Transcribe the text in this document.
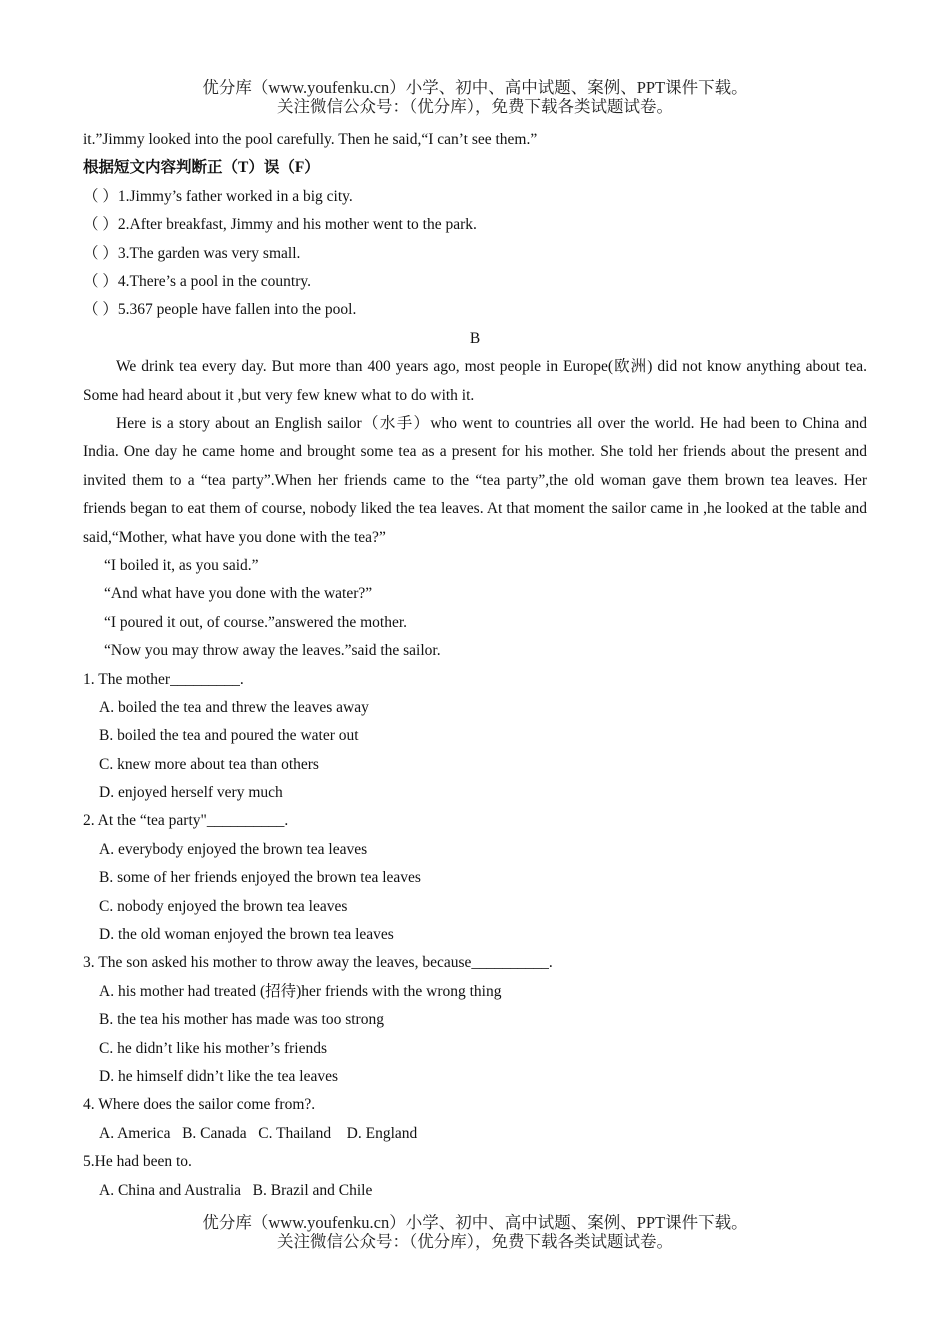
优分库（www.youfenku.cn）小学、初中、高中试题、案例、PPT课件下载。
关注微信公众号：（优分库），免费下载各类试题试卷。
it.”Jimmy looked into the pool carefully. Then he said,“I can’t see them.”
根据短文内容判断正（T）误（F）
（ ）1.Jimmy’s father worked in a big city.
（ ）2.After breakfast, Jimmy and his mother went to the park.
（ ）3.The garden was very small.
（ ）4.There’s a pool in the country.
（ ）5.367 people have fallen into the pool.
B
We drink tea every day. But more than 400 years ago, most people in Europe(欧洲) did not know anything about tea. Some had heard about it ,but very few knew what to do with it.
Here is a story about an English sailor（水手）who went to countries all over the world. He had been to China and India. One day he came home and brought some tea as a present for his mother. She told her friends about the present and invited them to a “tea party”.When her friends came to the “tea party”,the old woman gave them brown tea leaves. Her friends began to eat them of course, nobody liked the tea leaves. At that moment the sailor came in ,he looked at the table and said,“Mother, what have you done with the tea?”
“I boiled it, as you said.”
“And what have you done with the water?”
“I poured it out, of course.”answered the mother.
“Now you may throw away the leaves.”said the sailor.
1. The mother_________.
A. boiled the tea and threw the leaves away
B. boiled the tea and poured the water out
C. knew more about tea than others
D. enjoyed herself very much
2. At the “tea party"__________.
A. everybody enjoyed the brown tea leaves
B. some of her friends enjoyed the brown tea leaves
C. nobody enjoyed the brown tea leaves
D. the old woman enjoyed the brown tea leaves
3. The son asked his mother to throw away the leaves, because__________.
A. his mother had treated (招待)her friends with the wrong thing
B. the tea his mother has made was too strong
C. he didn’t like his mother’s friends
D. he himself didn’t like the tea leaves
4. Where does the sailor come from?.
A. America   B. Canada   C. Thailand    D. England
5.He had been to.
A. China and Australia   B. Brazil and Chile
优分库（www.youfenku.cn）小学、初中、高中试题、案例、PPT课件下载。
关注微信公众号：（优分库），免费下载各类试题试卷。
